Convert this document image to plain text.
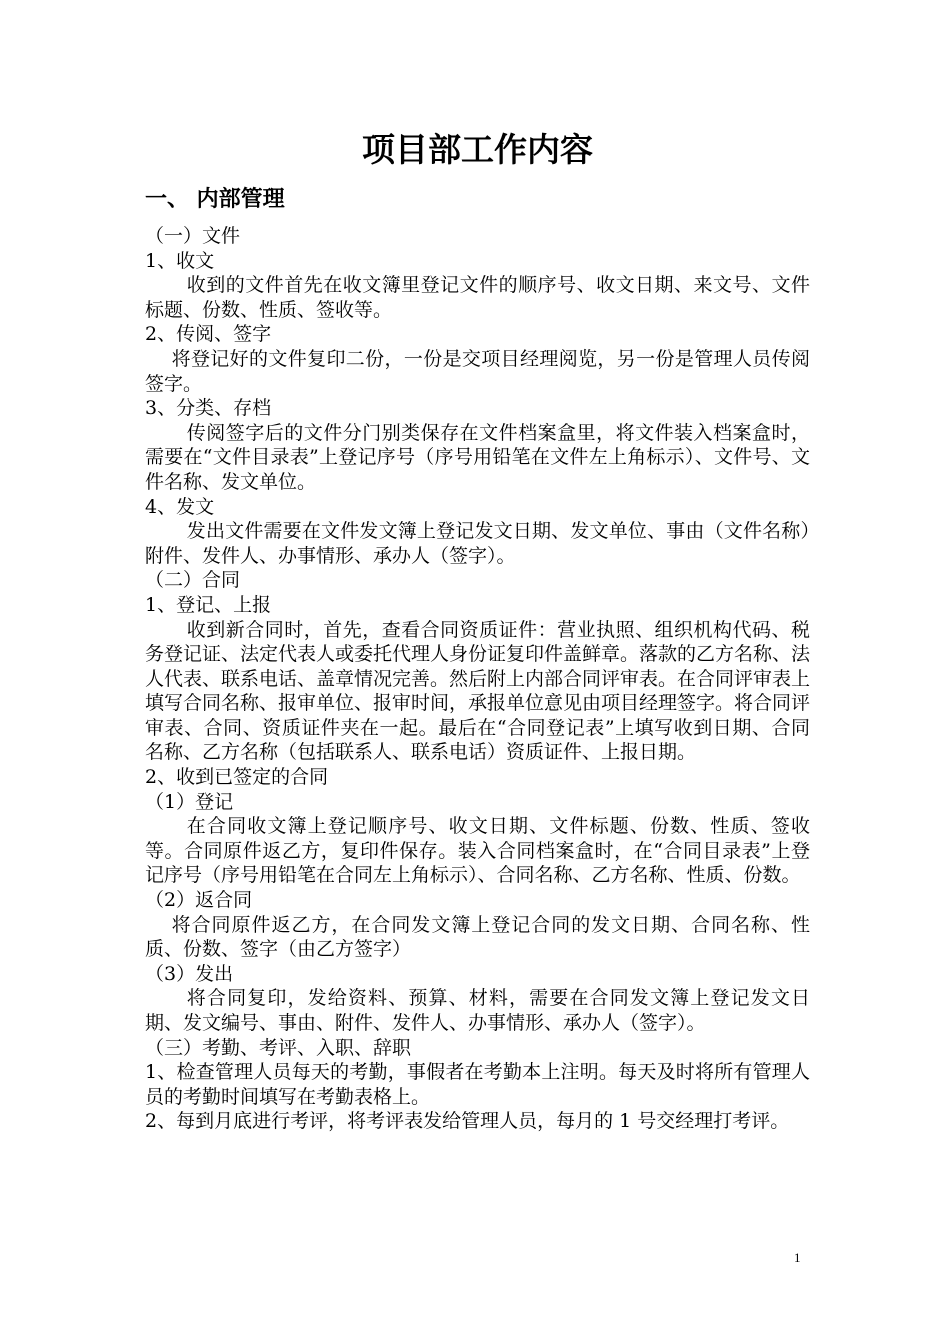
项目部工作内容
一、 内部管理

（一）文件

1、收文

收到的文件首先在收文簿里登记文件的顺序号、收文日期、来文号、文件标题、份数、性质、签收等。

2、传阅、签字

将登记好的文件复印二份，一份是交项目经理阅览，另一份是管理人员传阅签字。

3、分类、存档

传阅签字后的文件分门别类保存在文件档案盒里，将文件装入档案盒时，需要在“文件目录表”上登记序号（序号用铅笔在文件左上角标示）、文件号、文件名称、发文单位。

4、发文

发出文件需要在文件发文簿上登记发文日期、发文单位、事由（文件名称）附件、发件人、办事情形、承办人（签字）。

（二）合同

1、登记、上报

收到新合同时，首先，查看合同资质证件：营业执照、组织机构代码、税务登记证、法定代表人或委托代理人身份证复印件盖鲜章。落款的乙方名称、法人代表、联系电话、盖章情况完善。然后附上内部合同评审表。在合同评审表上填写合同名称、报审单位、报审时间，承报单位意见由项目经理签字。将合同评审表、合同、资质证件夹在一起。最后在“合同登记表”上填写收到日期、合同名称、乙方名称（包括联系人、联系电话）资质证件、上报日期。

2、收到已签定的合同

（1）登记

在合同收文簿上登记顺序号、收文日期、文件标题、份数、性质、签收等。合同原件返乙方，复印件保存。装入合同档案盒时，在“合同目录表”上登记序号（序号用铅笔在合同左上角标示）、合同名称、乙方名称、性质、份数。

（2）返合同

将合同原件返乙方，在合同发文簿上登记合同的发文日期、合同名称、性质、份数、签字（由乙方签字）

（3）发出

将合同复印，发给资料、预算、材料，需要在合同发文簿上登记发文日期、发文编号、事由、附件、发件人、办事情形、承办人（签字）。

（三）考勤、考评、入职、辞职

1、检查管理人员每天的考勤，事假者在考勤本上注明。每天及时将所有管理人员的考勤时间填写在考勤表格上。

2、每到月底进行考评，将考评表发给管理人员，每月的 1 号交经理打考评。

1
